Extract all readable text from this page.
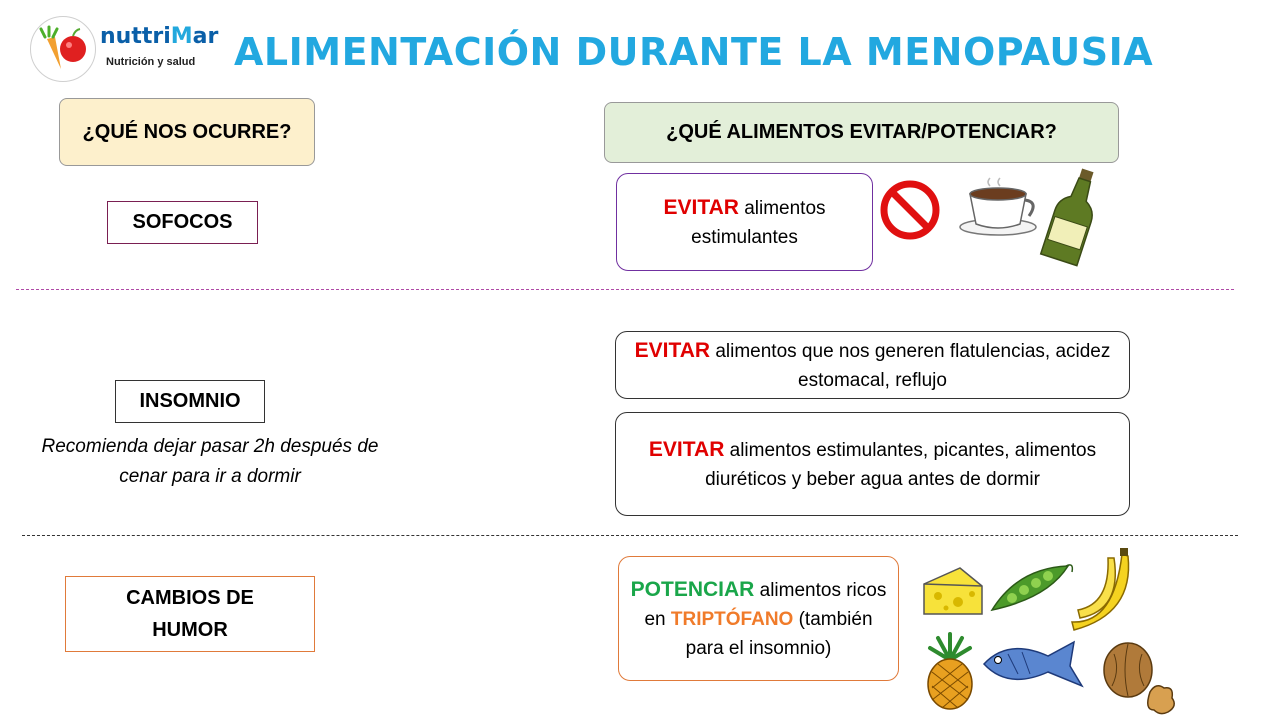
nuttriMar
Nutrición y salud ALIMENTACIÓN DURANTE LA MENOPAUSIA
¿QUÉ NOS OCURRE?	¿QUÉ ALIMENTOS EVITAR/POTENCIAR?
SOFOCOS
EVITAR alimentos estimulantes
INSOMNIO
Recomienda dejar pasar 2h después de cenar para ir a dormir
EVITAR alimentos que nos generen flatulencias, acidez estomacal, reflujo
EVITAR alimentos estimulantes, picantes, alimentos diuréticos y beber agua antes de dormir
CAMBIOS DE
HUMOR
POTENCIAR alimentos ricos en TRIPTÓFANO (también para el insomnio)
